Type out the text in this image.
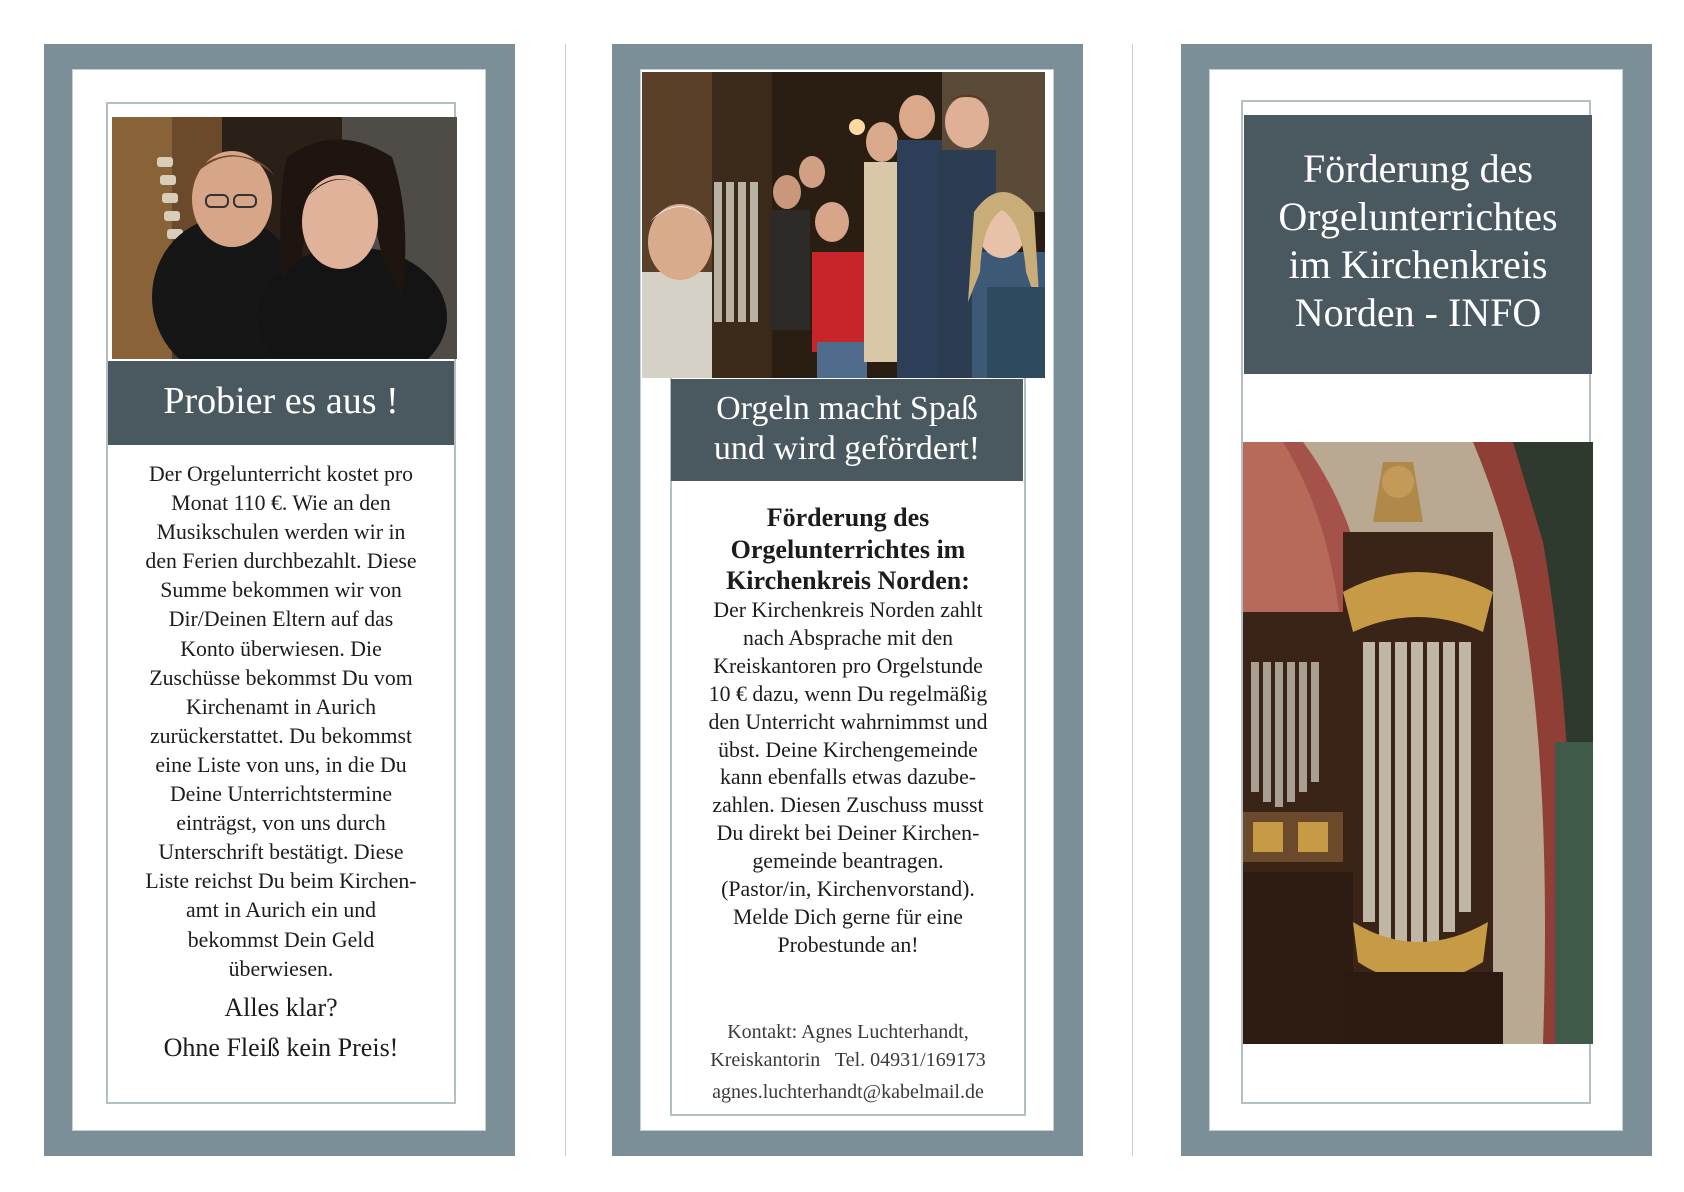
Probier es aus !
Der Orgelunterricht kostet pro
Monat 110 €. Wie an den
Musikschulen werden wir in
den Ferien durchbezahlt. Diese
Summe bekommen wir von
Dir/Deinen Eltern auf das
Konto überwiesen. Die
Zuschüsse bekommst Du vom
Kirchenamt in Aurich
zurückerstattet. Du bekommst
eine Liste von uns, in die Du
Deine Unterrichtstermine
einträgst, von uns durch
Unterschrift bestätigt. Diese
Liste reichst Du beim Kirchen-
amt in Aurich ein und
bekommst Dein Geld
überwiesen.
Alles klar?
Ohne Fleiß kein Preis!
Orgeln macht Spaß
und wird gefördert!
Förderung des
Orgelunterrichtes im
Kirchenkreis Norden:
Der Kirchenkreis Norden zahlt
nach Absprache mit den
Kreiskantoren pro Orgelstunde
10 € dazu, wenn Du regelmäßig
den Unterricht wahrnimmst und
übst. Deine Kirchengemeinde
kann ebenfalls etwas dazube-
zahlen. Diesen Zuschuss musst
Du direkt bei Deiner Kirchen-
gemeinde beantragen.
(Pastor/in, Kirchenvorstand).
Melde Dich gerne für eine
Probestunde an!
Kontakt: Agnes Luchterhandt,
Kreiskantorin   Tel. 04931/169173
agnes.luchterhandt@kabelmail.de
Förderung des
Orgelunterrichtes
im Kirchenkreis
Norden - INFO
